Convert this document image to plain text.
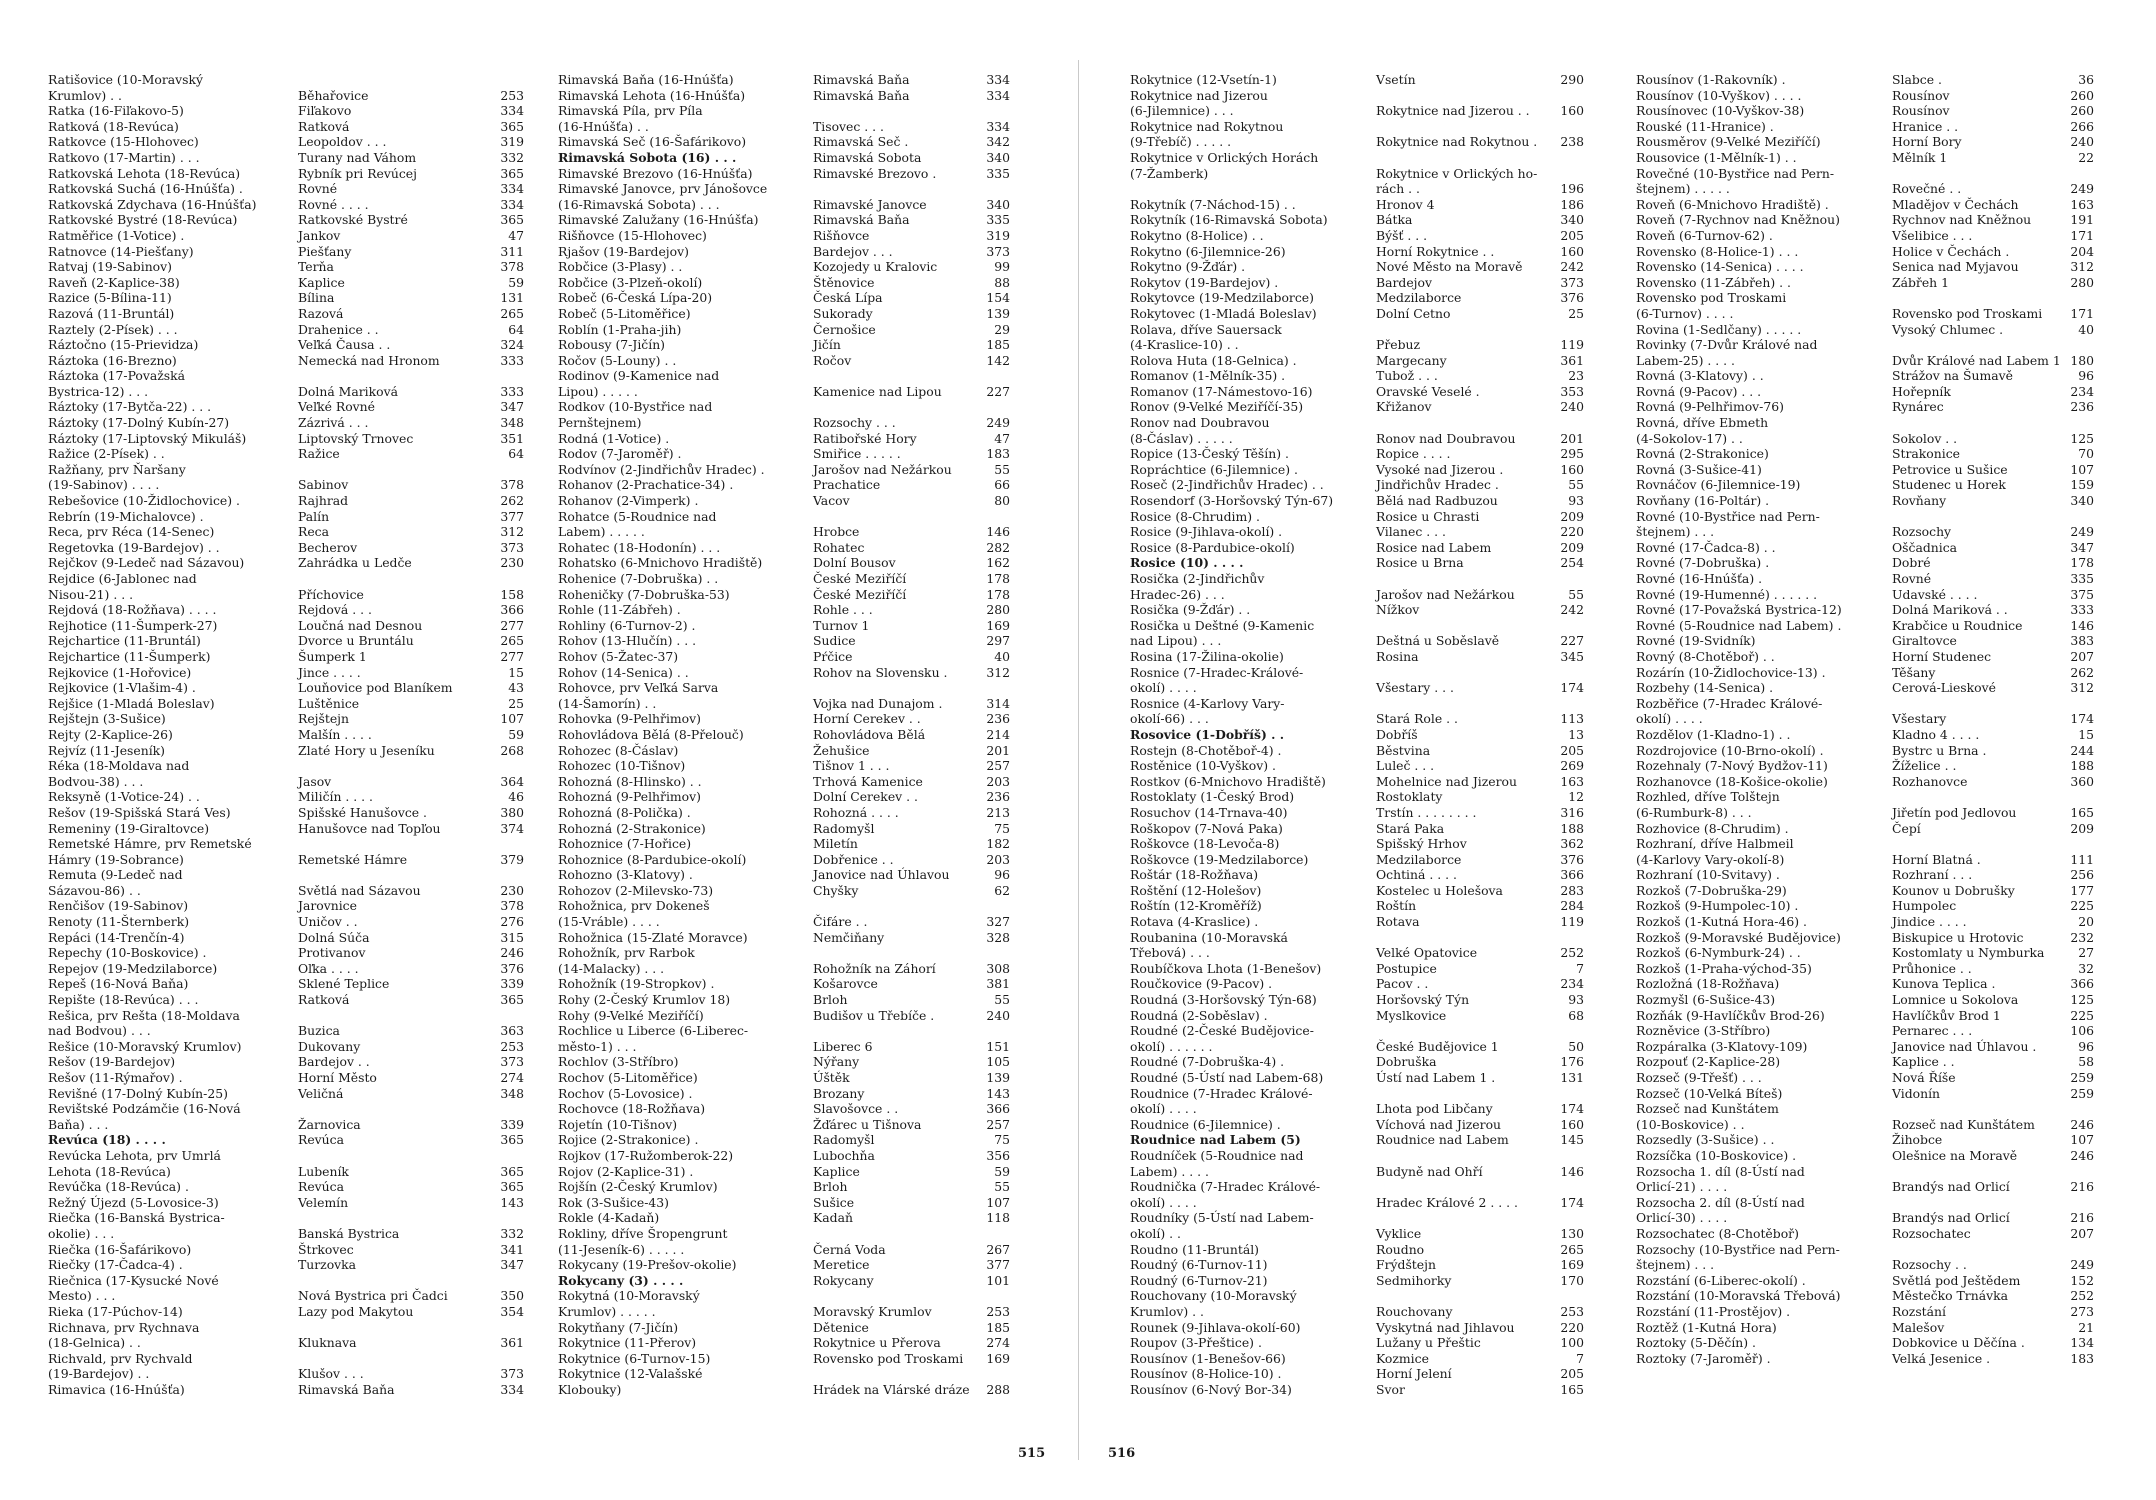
Ratišovice (10-Moravský
Krumlov) . .	Běhařovice	253
Ratka (16-Fiľakovo-5)	Fiľakovo	334
Ratková (18-Revúca)	Ratková	365
Ratkovce (15-Hlohovec)	Leopoldov . . .	319
Ratkovo (17-Martin) . . .	Turany nad Váhom	332
Ratkovská Lehota (18-Revúca)	Rybník pri Revúcej	365
Ratkovská Suchá (16-Hnúšťa) .	Rovné	334
Ratkovská Zdychava (16-Hnúšťa)	Rovné . . . .	334
Ratkovské Bystré (18-Revúca)	Ratkovské Bystré	365
Ratměřice (1-Votice) .	Jankov	47
Ratnovce (14-Piešťany)	Piešťany	311
Ratvaj (19-Sabinov)	Terňa	378
Raveň (2-Kaplice-38)	Kaplice	59
Razice (5-Bílina-11)	Bílina	131
Razová (11-Bruntál)	Razová	265
Raztely (2-Písek) . . .	Drahenice . .	64
Ráztočno (15-Prievidza)	Veľká Čausa . .	324
Ráztoka (16-Brezno)	Nemecká nad Hronom	333
Ráztoka (17-Považská
Bystrica-12) . . .	Dolná Mariková	333
Ráztoky (17-Bytča-22) . . .	Veľké Rovné	347
Ráztoky (17-Dolný Kubín-27)	Zázrivá . . .	348
Ráztoky (17-Liptovský Mikuláš)	Liptovský Trnovec	351
Ražice (2-Písek) . .	Ražice	64
Ražňany, prv Ňaršany
(19-Sabinov) . . . .	Sabinov	378
Rebešovice (10-Židlochovice) .	Rajhrad	262
Rebrín (19-Michalovce) .	Palín	377
Reca, prv Réca (14-Senec)	Reca	312
Regetovka (19-Bardejov) . .	Becherov	373
Rejčkov (9-Ledeč nad Sázavou)	Zahrádka u Ledče	230
Rejdice (6-Jablonec nad
Nisou-21) . . .	Příchovice	158
Rejdová (18-Rožňava) . . . .	Rejdová . . .	366
Rejhotice (11-Šumperk-27)	Loučná nad Desnou	277
Rejchartice (11-Bruntál)	Dvorce u Bruntálu	265
Rejchartice (11-Šumperk)	Šumperk 1	277
Rejkovice (1-Hořovice)	Jince . . . .	15
Rejkovice (1-Vlašim-4) .	Louňovice pod Blaníkem	43
Rejšice (1-Mladá Boleslav)	Luštěnice	25
Rejštejn (3-Sušice)	Rejštejn	107
Rejty (2-Kaplice-26)	Malšín . . . .	59
Rejvíz (11-Jeseník)	Zlaté Hory u Jeseníku	268
Réka (18-Moldava nad
Bodvou-38) . . .	Jasov	364
Reksyně (1-Votice-24) . .	Miličín . . . .	46
Rešov (19-Spišská Stará Ves)	Spišské Hanušovce .	380
Remeniny (19-Giraltovce)	Hanušovce nad Topľou	374
Remetské Hámre, prv Remetské
Hámry (19-Sobrance)	Remetské Hámre	379
Remuta (9-Ledeč nad
Sázavou-86) . .	Světlá nad Sázavou	230
Renčišov (19-Sabinov)	Jarovnice	378
Renoty (11-Šternberk)	Uničov . .	276
Repáci (14-Trenčín-4)	Dolná Súča	315
Repechy (10-Boskovice) .	Protivanov	246
Repejov (19-Medzilaborce)	Oľka . . . .	376
Repeš (16-Nová Baňa)	Sklené Teplice	339
Repište (18-Revúca) . . .	Ratková	365
Rešica, prv Rešta (18-Moldava
nad Bodvou) . . .	Buzica	363
Rešice (10-Moravský Krumlov)	Dukovany	253
Rešov (19-Bardejov)	Bardejov . .	373
Rešov (11-Rýmařov) .	Horní Město	274
Revišné (17-Dolný Kubín-25)	Veličná	348
Revištské Podzámčie (16-Nová
Baňa) . . .	Žarnovica	339
Revúca (18) . . . .	Revúca	365
Revúcka Lehota, prv Umrlá
Lehota (18-Revúca)	Lubeník	365
Revúčka (18-Revúca) .	Revúca	365
Režný Újezd (5-Lovosice-3)	Velemín	143
Riečka (16-Banská Bystrica-
okolie) . . .	Banská Bystrica	332
Riečka (16-Šafárikovo)	Štrkovec	341
Riečky (17-Čadca-4) .	Turzovka	347
Riečnica (17-Kysucké Nové
Mesto) . . .	Nová Bystrica pri Čadci	350
Rieka (17-Púchov-14)	Lazy pod Makytou	354
Richnava, prv Rychnava
(18-Gelnica) . .	Kluknava	361
Richvald, prv Rychvald
(19-Bardejov) . .	Klušov . . .	373
Rimavica (16-Hnúšťa)	Rimavská Baňa	334
Rimavská Baňa (16-Hnúšťa)	Rimavská Baňa	334
Rimavská Lehota (16-Hnúšťa)	Rimavská Baňa	334
Rimavská Píla, prv Píla
(16-Hnúšťa) . .	Tisovec . . .	334
Rimavská Seč (16-Šafárikovo)	Rimavská Seč .	342
Rimavská Sobota (16) . . .	Rimavská Sobota	340
Rimavské Brezovo (16-Hnúšťa)	Rimavské Brezovo .	335
Rimavské Janovce, prv Jánošovce
(16-Rimavská Sobota) . . .	Rimavské Janovce	340
Rimavské Zalužany (16-Hnúšťa)	Rimavská Baňa	335
Rišňovce (15-Hlohovec)	Rišňovce	319
Rjašov (19-Bardejov)	Bardejov . . .	373
Robčice (3-Plasy) . .	Kozojedy u Kralovic	99
Robčice (3-Plzeň-okolí)	Štěnovice	88
Robeč (6-Česká Lípa-20)	Česká Lípa	154
Robeč (5-Litoměřice)	Sukorady	139
Roblín (1-Praha-jih)	Černošice	29
Robousy (7-Jičín)	Jičín	185
Ročov (5-Louny) . .	Ročov	142
Rodinov (9-Kamenice nad
Lipou) . . . . .	Kamenice nad Lipou	227
Rodkov (10-Bystřice nad
Pernštejnem)	Rozsochy . . .	249
Rodná (1-Votice) .	Ratibořské Hory	47
Rodov (7-Jaroměř) .	Smiřice . . . . .	183
Rodvínov (2-Jindřichův Hradec) .	Jarošov nad Nežárkou	55
Rohanov (2-Prachatice-34) .	Prachatice	66
Rohanov (2-Vimperk) .	Vacov	80
Rohatce (5-Roudnice nad
Labem) . . . . .	Hrobce	146
Rohatec (18-Hodonín) . . .	Rohatec	282
Rohatsko (6-Mnichovo Hradiště)	Dolní Bousov	162
Rohenice (7-Dobruška) . .	České Meziříčí	178
Roheničky (7-Dobruška-53)	České Meziříčí	178
Rohle (11-Zábřeh) .	Rohle . . .	280
Rohliny (6-Turnov-2) .	Turnov 1	169
Rohov (13-Hlučín) . . .	Sudice	297
Rohov (5-Žatec-37)	Pŕčice	40
Rohov (14-Senica) . .	Rohov na Slovensku .	312
Rohovce, prv Veľká Sarva
(14-Šamorín) . .	Vojka nad Dunajom .	314
Rohovka (9-Pelhřimov)	Horní Cerekev . .	236
Rohovládova Bělá (8-Přelouč)	Rohovládova Bělá	214
Rohozec (8-Čáslav)	Žehušice	201
Rohozec (10-Tišnov)	Tišnov 1 . . .	257
Rohozná (8-Hlinsko) . .	Trhová Kamenice	203
Rohozná (9-Pelhřimov)	Dolní Cerekev . .	236
Rohozná (8-Polička) .	Rohozná . . . .	213
Rohozná (2-Strakonice)	Radomyšl	75
Rohoznice (7-Hořice)	Miletín	182
Rohoznice (8-Pardubice-okolí)	Dobřenice . .	203
Rohozno (3-Klatovy) .	Janovice nad Úhlavou	96
Rohozov (2-Milevsko-73)	Chyšky	62
Rohožnica, prv Dokeneš
(15-Vráble) . . . .	Čifáre . .	327
Rohožnica (15-Zlaté Moravce)	Nemčiňany	328
Rohožník, prv Rarbok
(14-Malacky) . . .	Rohožník na Záhorí	308
Rohožník (19-Stropkov) .	Košarovce	381
Rohy (2-Český Krumlov 18)	Brloh	55
Rohy (9-Velké Meziříčí)	Budišov u Třebíče .	240
Rochlice u Liberce (6-Liberec-
město-1) . . .	Liberec 6	151
Rochlov (3-Stříbro)	Nýřany	105
Rochov (5-Litoměřice)	Úštěk	139
Rochov (5-Lovosice) .	Brozany	143
Rochovce (18-Rožňava)	Slavošovce . .	366
Rojetín (10-Tišnov)	Žďárec u Tišnova	257
Rojice (2-Strakonice) .	Radomyšl	75
Rojkov (17-Ružomberok-22)	Lubochňa	356
Rojov (2-Kaplice-31) .	Kaplice	59
Rojšín (2-Český Krumlov)	Brloh	55
Rok (3-Sušice-43)	Sušice	107
Rokle (4-Kadaň)	Kadaň	118
Rokliny, dříve Šropengrunt
(11-Jeseník-6) . . . . .	Černá Voda	267
Rokycany (19-Prešov-okolie)	Meretice	377
Rokycany (3) . . . .	Rokycany	101
Rokytná (10-Moravský
Krumlov) . . . . .	Moravský Krumlov	253
Rokytňany (7-Jičín)	Dětenice	185
Rokytnice (11-Přerov)	Rokytnice u Přerova	274
Rokytnice (6-Turnov-15)	Rovensko pod Troskami 169
Rokytnice (12-Valašské
Klobouky)	Hrádek na Vlárské dráze 288
515	516
Rokytnice (12-Vsetín-1)	Vsetín	290
Rokytnice nad Jizerou
(6-Jilemnice) . . .	Rokytnice nad Jizerou . . 160
Rokytnice nad Rokytnou
(9-Třebíč) . . . . .	Rokytnice nad Rokytnou . 238
Rokytnice v Orlických Horách
(7-Žamberk)	Rokytnice v Orlických ho-
rách . .	196
Rokytník (7-Náchod-15) . .	Hronov 4	186
Rokytník (16-Rimavská Sobota)	Bátka	340
Rokytno (8-Holice) . .	Býšť . . .	205
Rokytno (6-Jilemnice-26)	Horní Rokytnice . .	160
Rokytno (9-Žďár) .	Nové Město na Moravě	242
Rokytov (19-Bardejov) .	Bardejov	373
Rokytovce (19-Medzilaborce)	Medzilaborce	376
Rokytovec (1-Mladá Boleslav)	Dolní Cetno	25
Rolava, dříve Sauersack
(4-Kraslice-10) . .	Přebuz	119
Rolova Huta (18-Gelnica) .	Margecany	361
Romanov (1-Mělník-35) .	Tubož . . .	23
Romanov (17-Námestovo-16)	Oravské Veselé .	353
Ronov (9-Velké Meziříčí-35)	Křižanov	240
Ronov nad Doubravou
(8-Čáslav) . . . . .	Ronov nad Doubravou	201
Ropice (13-Český Těšín) .	Ropice . . . .	295
Ropráchtice (6-Jilemnice) .	Vysoké nad Jizerou .	160
Roseč (2-Jindřichův Hradec) . .	Jindřichův Hradec .	55
Rosendorf (3-Horšovský Týn-67)	Bělá nad Radbuzou	93
Rosice (8-Chrudim) .	Rosice u Chrasti	209
Rosice (9-Jihlava-okolí) .	Vilanec . . .	220
Rosice (8-Pardubice-okolí)	Rosice nad Labem	209
Rosice (10) . . . .	Rosice u Brna	254
Rosička (2-Jindřichův
Hradec-26) . . .	Jarošov nad Nežárkou	55
Rosička (9-Žďár) . .	Nížkov	242
Rosička u Deštné (9-Kamenic
nad Lipou) . . .	Deštná u Soběslavě	227
Rosina (17-Žilina-okolie)	Rosina	345
Rosnice (7-Hradec-Králové-
okolí) . . . .	Všestary . . .	174
Rosnice (4-Karlovy Vary-
okolí-66) . . .	Stará Role . .	113
Rosovice (1-Dobříš) . .	Dobříš	13
Rostejn (8-Chotěboř-4) .	Běstvina	205
Rostěnice (10-Vyškov) .	Luleč . . .	269
Rostkov (6-Mnichovo Hradiště)	Mohelnice nad Jizerou	163
Rostoklaty (1-Český Brod)	Rostoklaty	12
Rosuchov (14-Trnava-40)	Trstín . . . . . . . .	316
Roškopov (7-Nová Paka)	Stará Paka	188
Roškovce (18-Levoča-8)	Spišský Hrhov	362
Roškovce (19-Medzilaborce)	Medzilaborce	376
Roštár (18-Rožňava)	Ochtiná . . . .	366
Roštění (12-Holešov)	Kostelec u Holešova	283
Roštín (12-Kroměříž)	Roštín	284
Rotava (4-Kraslice) .	Rotava	119
Roubanina (10-Moravská
Třebová) . . .	Velké Opatovice	252
Roubíčkova Lhota (1-Benešov)	Postupice	7
Roučkovice (9-Pacov) .	Pacov . .	234
Roudná (3-Horšovský Týn-68)	Horšovský Týn	93
Roudná (2-Soběslav) .	Myslkovice	68
Roudné (2-České Budějovice-
okolí) . . . . . .	České Budějovice 1	50
Roudné (7-Dobruška-4) .	Dobruška	176
Roudné (5-Ústí nad Labem-68)	Ústí nad Labem 1 .	131
Roudnice (7-Hradec Králové-
okolí) . . . .	Lhota pod Libčany	174
Roudnice (6-Jilemnice) .	Víchová nad Jizerou	160
Roudnice nad Labem (5)	Roudnice nad Labem	145
Roudníček (5-Roudnice nad
Labem) . . . .	Budyně nad Ohří	146
Roudnička (7-Hradec Králové-
okolí) . . . .	Hradec Králové 2 . . . .	174
Roudníky (5-Ústí nad Labem-
okolí) . .	Vyklice	130
Roudno (11-Bruntál)	Roudno	265
Roudný (6-Turnov-11)	Frýdštejn	169
Roudný (6-Turnov-21)	Sedmihorky	170
Rouchovany (10-Moravský
Krumlov) . .	Rouchovany	253
Rounek (9-Jihlava-okolí-60)	Vyskytná nad Jihlavou	220
Roupov (3-Přeštice) .	Lužany u Přeštic	100
Rousínov (1-Benešov-66)	Kozmice	7
Rousínov (8-Holice-10) .	Horní Jelení	205
Rousínov (6-Nový Bor-34)	Svor	165
Rousínov (1-Rakovník) .	Slabce .	36
Rousínov (10-Vyškov) . . . .	Rousínov	260
Rousínovec (10-Vyškov-38)	Rousínov	260
Rouské (11-Hranice) .	Hranice . .	266
Rousměrov (9-Velké Meziříčí)	Horní Bory	240
Rousovice (1-Mělník-1) . .	Mělník 1	22
Rovečné (10-Bystřice nad Pern-
štejnem) . . . . .	Rovečné . .	249
Roveň (6-Mnichovo Hradiště) .	Mladějov v Čechách	163
Roveň (7-Rychnov nad Kněžnou)	Rychnov nad Kněžnou	191
Roveň (6-Turnov-62) .	Všelibice . . .	171
Rovensko (8-Holice-1) . . .	Holice v Čechách .	204
Rovensko (14-Senica) . . . .	Senica nad Myjavou	312
Rovensko (11-Zábřeh) . .	Zábřeh 1	280
Rovensko pod Troskami
(6-Turnov) . . . .	Rovensko pod Troskami 171
Rovina (1-Sedlčany) . . . . .	Vysoký Chlumec .	40
Rovinky (7-Dvůr Králové nad
Labem-25) . . . .	Dvůr Králové nad Labem 1 180
Rovná (3-Klatovy) . .	Strážov na Šumavě	96
Rovná (9-Pacov) . . .	Hořepník	234
Rovná (9-Pelhřimov-76)	Rynárec	236
Rovná, dříve Ebmeth
(4-Sokolov-17) . .	Sokolov . .	125
Rovná (2-Strakonice)	Strakonice	70
Rovná (3-Sušice-41)	Petrovice u Sušice	107
Rovnáčov (6-Jilemnice-19)	Studenec u Horek	159
Rovňany (16-Poltár) .	Rovňany	340
Rovné (10-Bystřice nad Pern-
štejnem) . . .	Rozsochy	249
Rovné (17-Čadca-8) . .	Oščadnica	347
Rovné (7-Dobruška) .	Dobré	178
Rovné (16-Hnúšťa) .	Rovné	335
Rovné (19-Humenné) . . . . . .	Udavské . . . .	375
Rovné (17-Považská Bystrica-12)	Dolná Mariková . .	333
Rovné (5-Roudnice nad Labem) .	Krabčice u Roudnice	146
Rovné (19-Svidník)	Giraltovce	383
Rovný (8-Chotěboř) . .	Horní Studenec	207
Rozárín (10-Židlochovice-13) .	Těšany	262
Rozbehy (14-Senica) .	Cerová-Lieskové	312
Rozběřice (7-Hradec Králové-
okolí) . . . .	Všestary	174
Rozdělov (1-Kladno-1) . .	Kladno 4 . . . .	15
Rozdrojovice (10-Brno-okolí) .	Bystrc u Brna .	244
Rozehnaly (7-Nový Bydžov-11)	Žíželice . .	188
Rozhanovce (18-Košice-okolie)	Rozhanovce	360
Rozhled, dříve Tolštejn
(6-Rumburk-8) . . .	Jiřetín pod Jedlovou	165
Rozhovice (8-Chrudim) .	Čepí	209
Rozhraní, dříve Halbmeil
(4-Karlovy Vary-okolí-8)	Horní Blatná .	111
Rozhraní (10-Svitavy) .	Rozhraní . . .	256
Rozkoš (7-Dobruška-29)	Kounov u Dobrušky	177
Rozkoš (9-Humpolec-10) .	Humpolec	225
Rozkoš (1-Kutná Hora-46) .	Jindice . . . .	20
Rozkoš (9-Moravské Budějovice)	Biskupice u Hrotovic	232
Rozkoš (6-Nymburk-24) . .	Kostomlaty u Nymburka	27
Rozkoš (1-Praha-východ-35)	Průhonice . .	32
Rozložná (18-Rožňava)	Kunova Teplica .	366
Rozmyšl (6-Sušice-43)	Lomnice u Sokolova	125
Rozňák (9-Havlíčkův Brod-26)	Havlíčkův Brod 1	225
Rozněvice (3-Stříbro)	Pernarec . . .	106
Rozpáralka (3-Klatovy-109)	Janovice nad Úhlavou .	96
Rozpouť (2-Kaplice-28)	Kaplice . .	58
Rozseč (9-Třešť) . . .	Nová Říše	259
Rozseč (10-Velká Bíteš)	Vidonín	259
Rozseč nad Kunštátem
(10-Boskovice) . .	Rozseč nad Kunštátem	246
Rozsedly (3-Sušice) . .	Žihobce	107
Rozsíčka (10-Boskovice) .	Olešnice na Moravě	246
Rozsocha 1. díl (8-Ústí nad
Orlicí-21) . . . .	Brandýs nad Orlicí	216
Rozsocha 2. díl (8-Ústí nad
Orlicí-30) . . . .	Brandýs nad Orlicí	216
Rozsochatec (8-Chotěboř)	Rozsochatec	207
Rozsochy (10-Bystřice nad Pern-
štejnem) . . .	Rozsochy . .	249
Rozstání (6-Liberec-okolí) .	Světlá pod Ještědem	152
Rozstání (10-Moravská Třebová)	Městečko Trnávka	252
Rozstání (11-Prostějov) .	Rozstání	273
Roztěž (1-Kutná Hora)	Malešov	21
Roztoky (5-Děčín) .	Dobkovice u Děčína .	134
Roztoky (7-Jaroměř) .	Velká Jesenice .	183
